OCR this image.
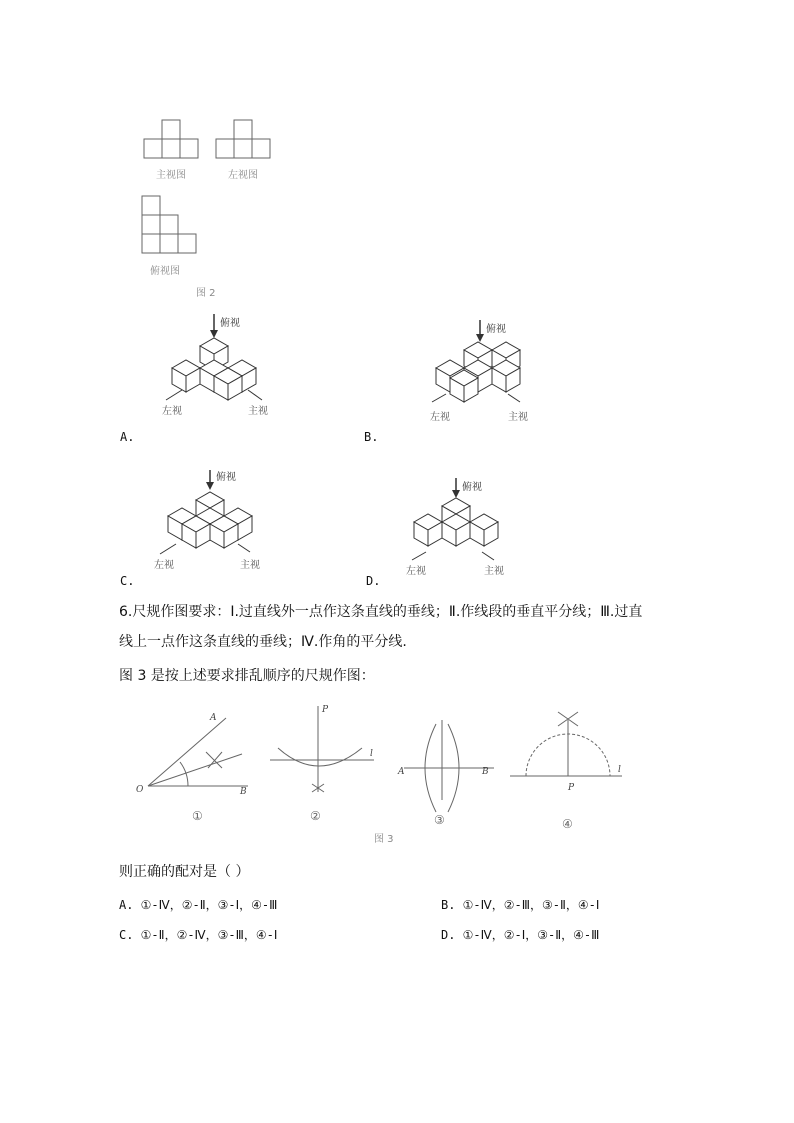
主视图	左视图
俯视图
图 2
俯视
左视	主视
俯视
左视	主视
A.	B.
俯视
左视	主视
俯视
左视	主视
C.	D.
6.尺规作图要求：Ⅰ.过直线外一点作这条直线的垂线；Ⅱ.作线段的垂直平分线；Ⅲ.过直
线上一点作这条直线的垂线；Ⅳ.作角的平分线.
图 3 是按上述要求排乱顺序的尺规作图：
A
O	B
①
P
l
②
A	B
③
P
l
④
图 3
则正确的配对是（ ）
A. ①-Ⅳ，②-Ⅱ，③-Ⅰ，④-Ⅲ	B. ①-Ⅳ，②-Ⅲ，③-Ⅱ，④-Ⅰ
C. ①-Ⅱ，②-Ⅳ，③-Ⅲ，④-Ⅰ	D. ①-Ⅳ，②-Ⅰ，③-Ⅱ，④-Ⅲ
